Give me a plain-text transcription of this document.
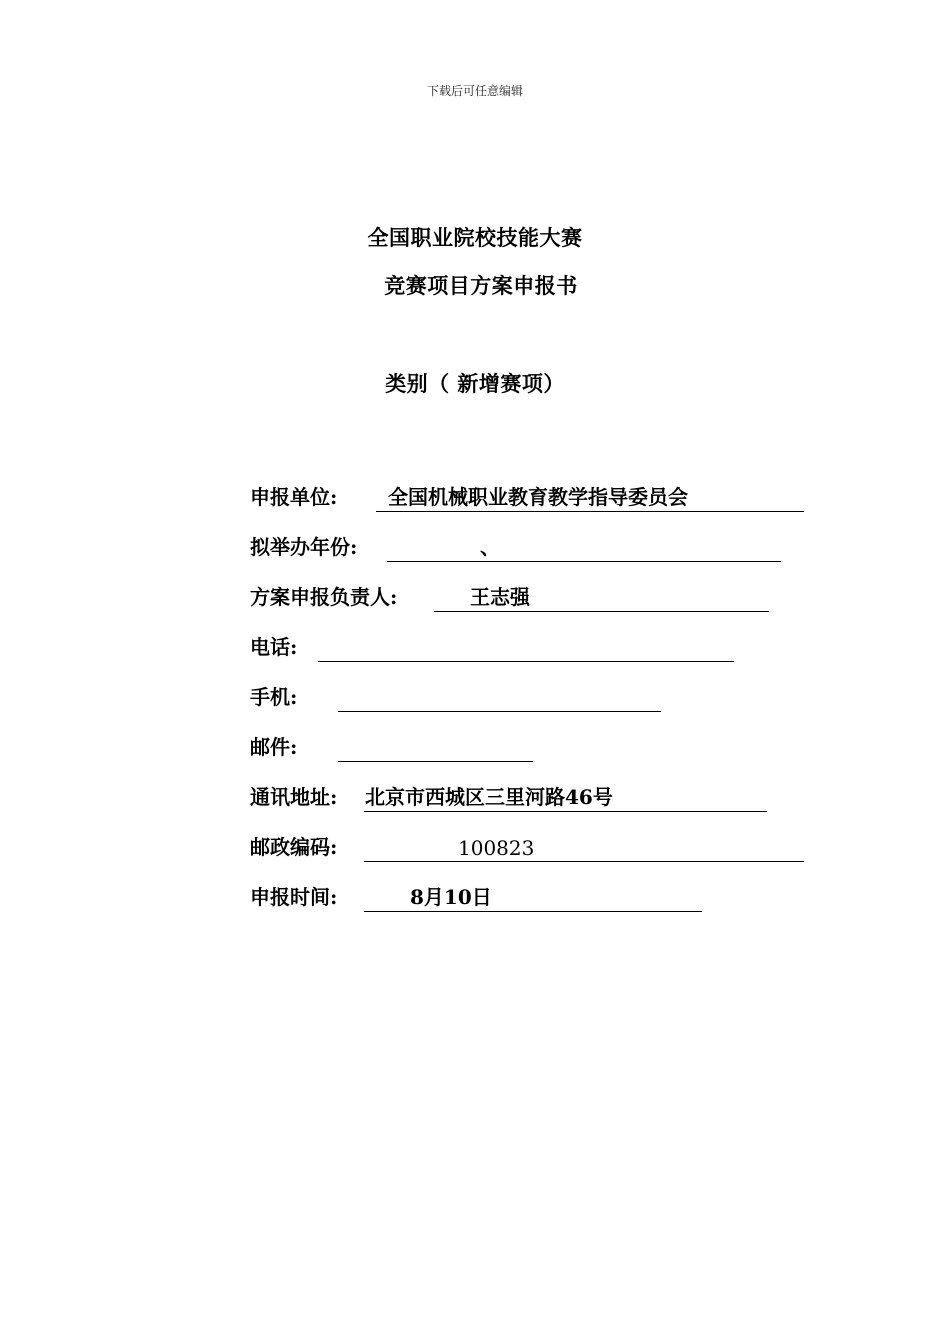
下载后可任意编辑
全国职业院校技能大赛
竞赛项目方案申报书
类别（ 新增赛项）
申报单位:	全国机械职业教育教学指导委员会
拟举办年份:	、
方案申报负责人:	王志强
电话:
手机:
邮件:
通讯地址: 北京市西城区三里河路46号
邮政编码:	100823
申报时间:	8月10日
